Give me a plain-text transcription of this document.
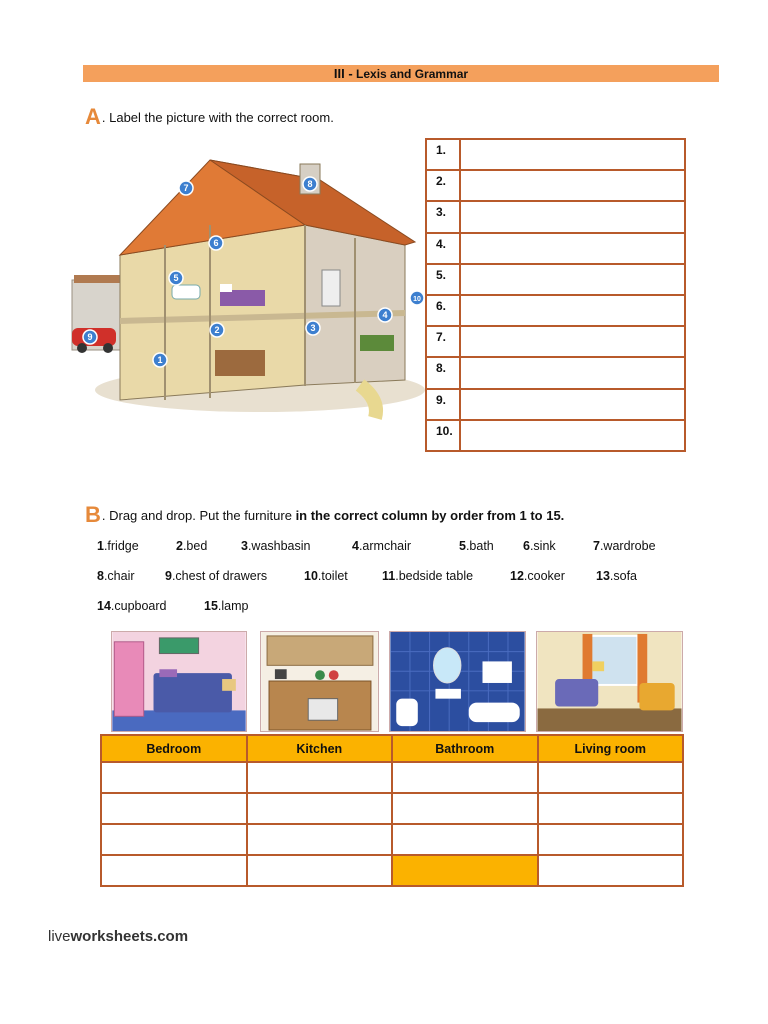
III - Lexis and Grammar
A. Label the picture with the correct room.
1
2	3
4
5
6
7	8
9
10
1.	
2.	
3.	
4.	
5.	
6.	
7.	
8.	
9.	
10.	
B. Drag and drop. Put the furniture in the correct column by order from 1 to 15.
1.fridge	2.bed	3.washbasin	4.armchair	5.bath 6.sink	7.wardrobe
8.chair 9.chest of drawers	10.toilet	11.bedside table	12.cooker 13.sofa
14.cupboard	15.lamp
Bedroom	Kitchen	Bathroom	Living room

liveworksheets.com
